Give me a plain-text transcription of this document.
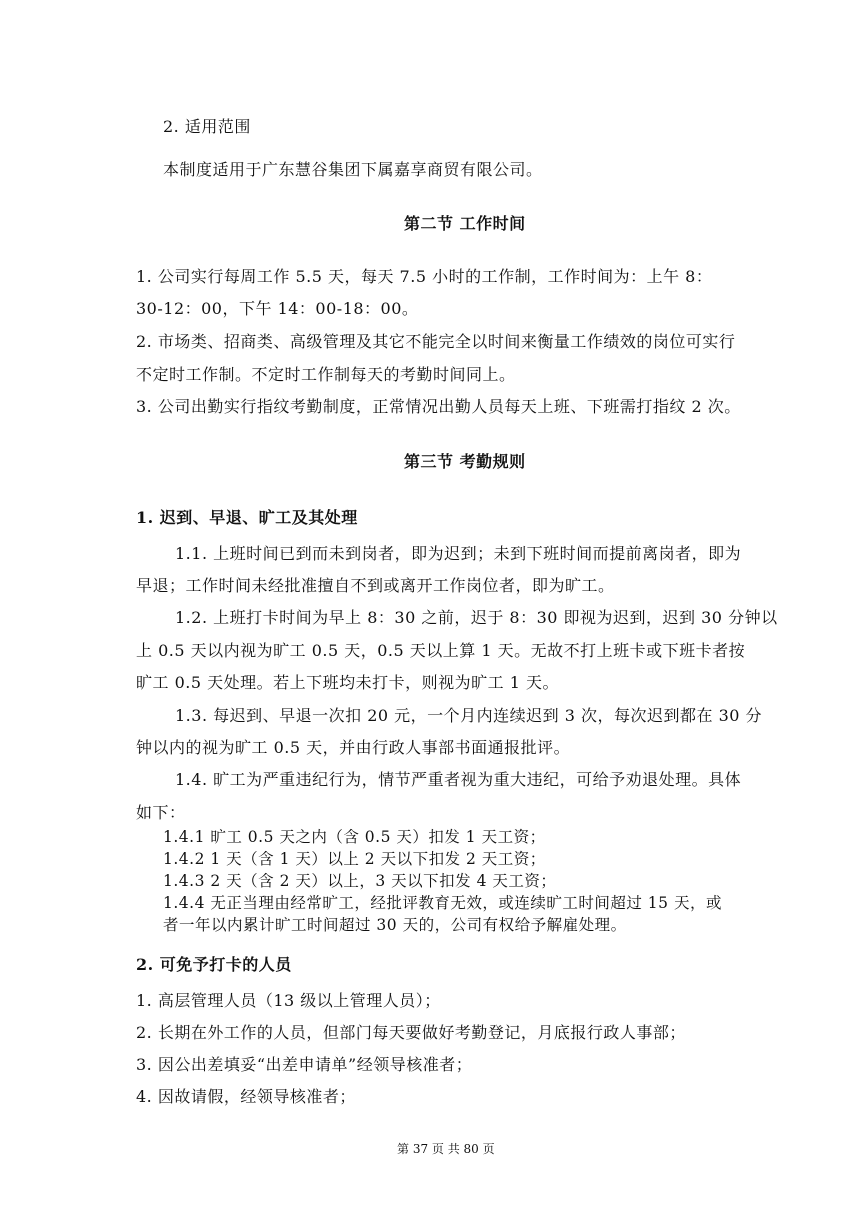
2. 适用范围
本制度适用于广东慧谷集团下属嘉享商贸有限公司。
第二节 工作时间
1. 公司实行每周工作 5.5 天，每天 7.5 小时的工作制，工作时间为：上午 8：
30-12：00，下午 14：00-18：00。
2. 市场类、招商类、高级管理及其它不能完全以时间来衡量工作绩效的岗位可实行
不定时工作制。不定时工作制每天的考勤时间同上。
3. 公司出勤实行指纹考勤制度，正常情况出勤人员每天上班、下班需打指纹 2 次。
第三节 考勤规则
1. 迟到、早退、旷工及其处理
1.1. 上班时间已到而未到岗者，即为迟到；未到下班时间而提前离岗者，即为
早退；工作时间未经批准擅自不到或离开工作岗位者，即为旷工。
1.2. 上班打卡时间为早上 8：30 之前，迟于 8：30 即视为迟到，迟到 30 分钟以
上 0.5 天以内视为旷工 0.5 天，0.5 天以上算 1 天。无故不打上班卡或下班卡者按
旷工 0.5 天处理。若上下班均未打卡，则视为旷工 1 天。
1.3. 每迟到、早退一次扣 20 元，一个月内连续迟到 3 次，每次迟到都在 30 分
钟以内的视为旷工 0.5 天，并由行政人事部书面通报批评。
1.4. 旷工为严重违纪行为，情节严重者视为重大违纪，可给予劝退处理。具体
如下：
1.4.1 旷工 0.5 天之内（含 0.5 天）扣发 1 天工资；
1.4.2 1 天（含 1 天）以上 2 天以下扣发 2 天工资；
1.4.3 2 天（含 2 天）以上，3 天以下扣发 4 天工资；
1.4.4 无正当理由经常旷工，经批评教育无效，或连续旷工时间超过 15 天，或
者一年以内累计旷工时间超过 30 天的，公司有权给予解雇处理。
2. 可免予打卡的人员
1. 高层管理人员（13 级以上管理人员）；
2. 长期在外工作的人员，但部门每天要做好考勤登记，月底报行政人事部；
3. 因公出差填妥“出差申请单”经领导核准者；
4. 因故请假，经领导核准者；
第 37 页 共 80 页
